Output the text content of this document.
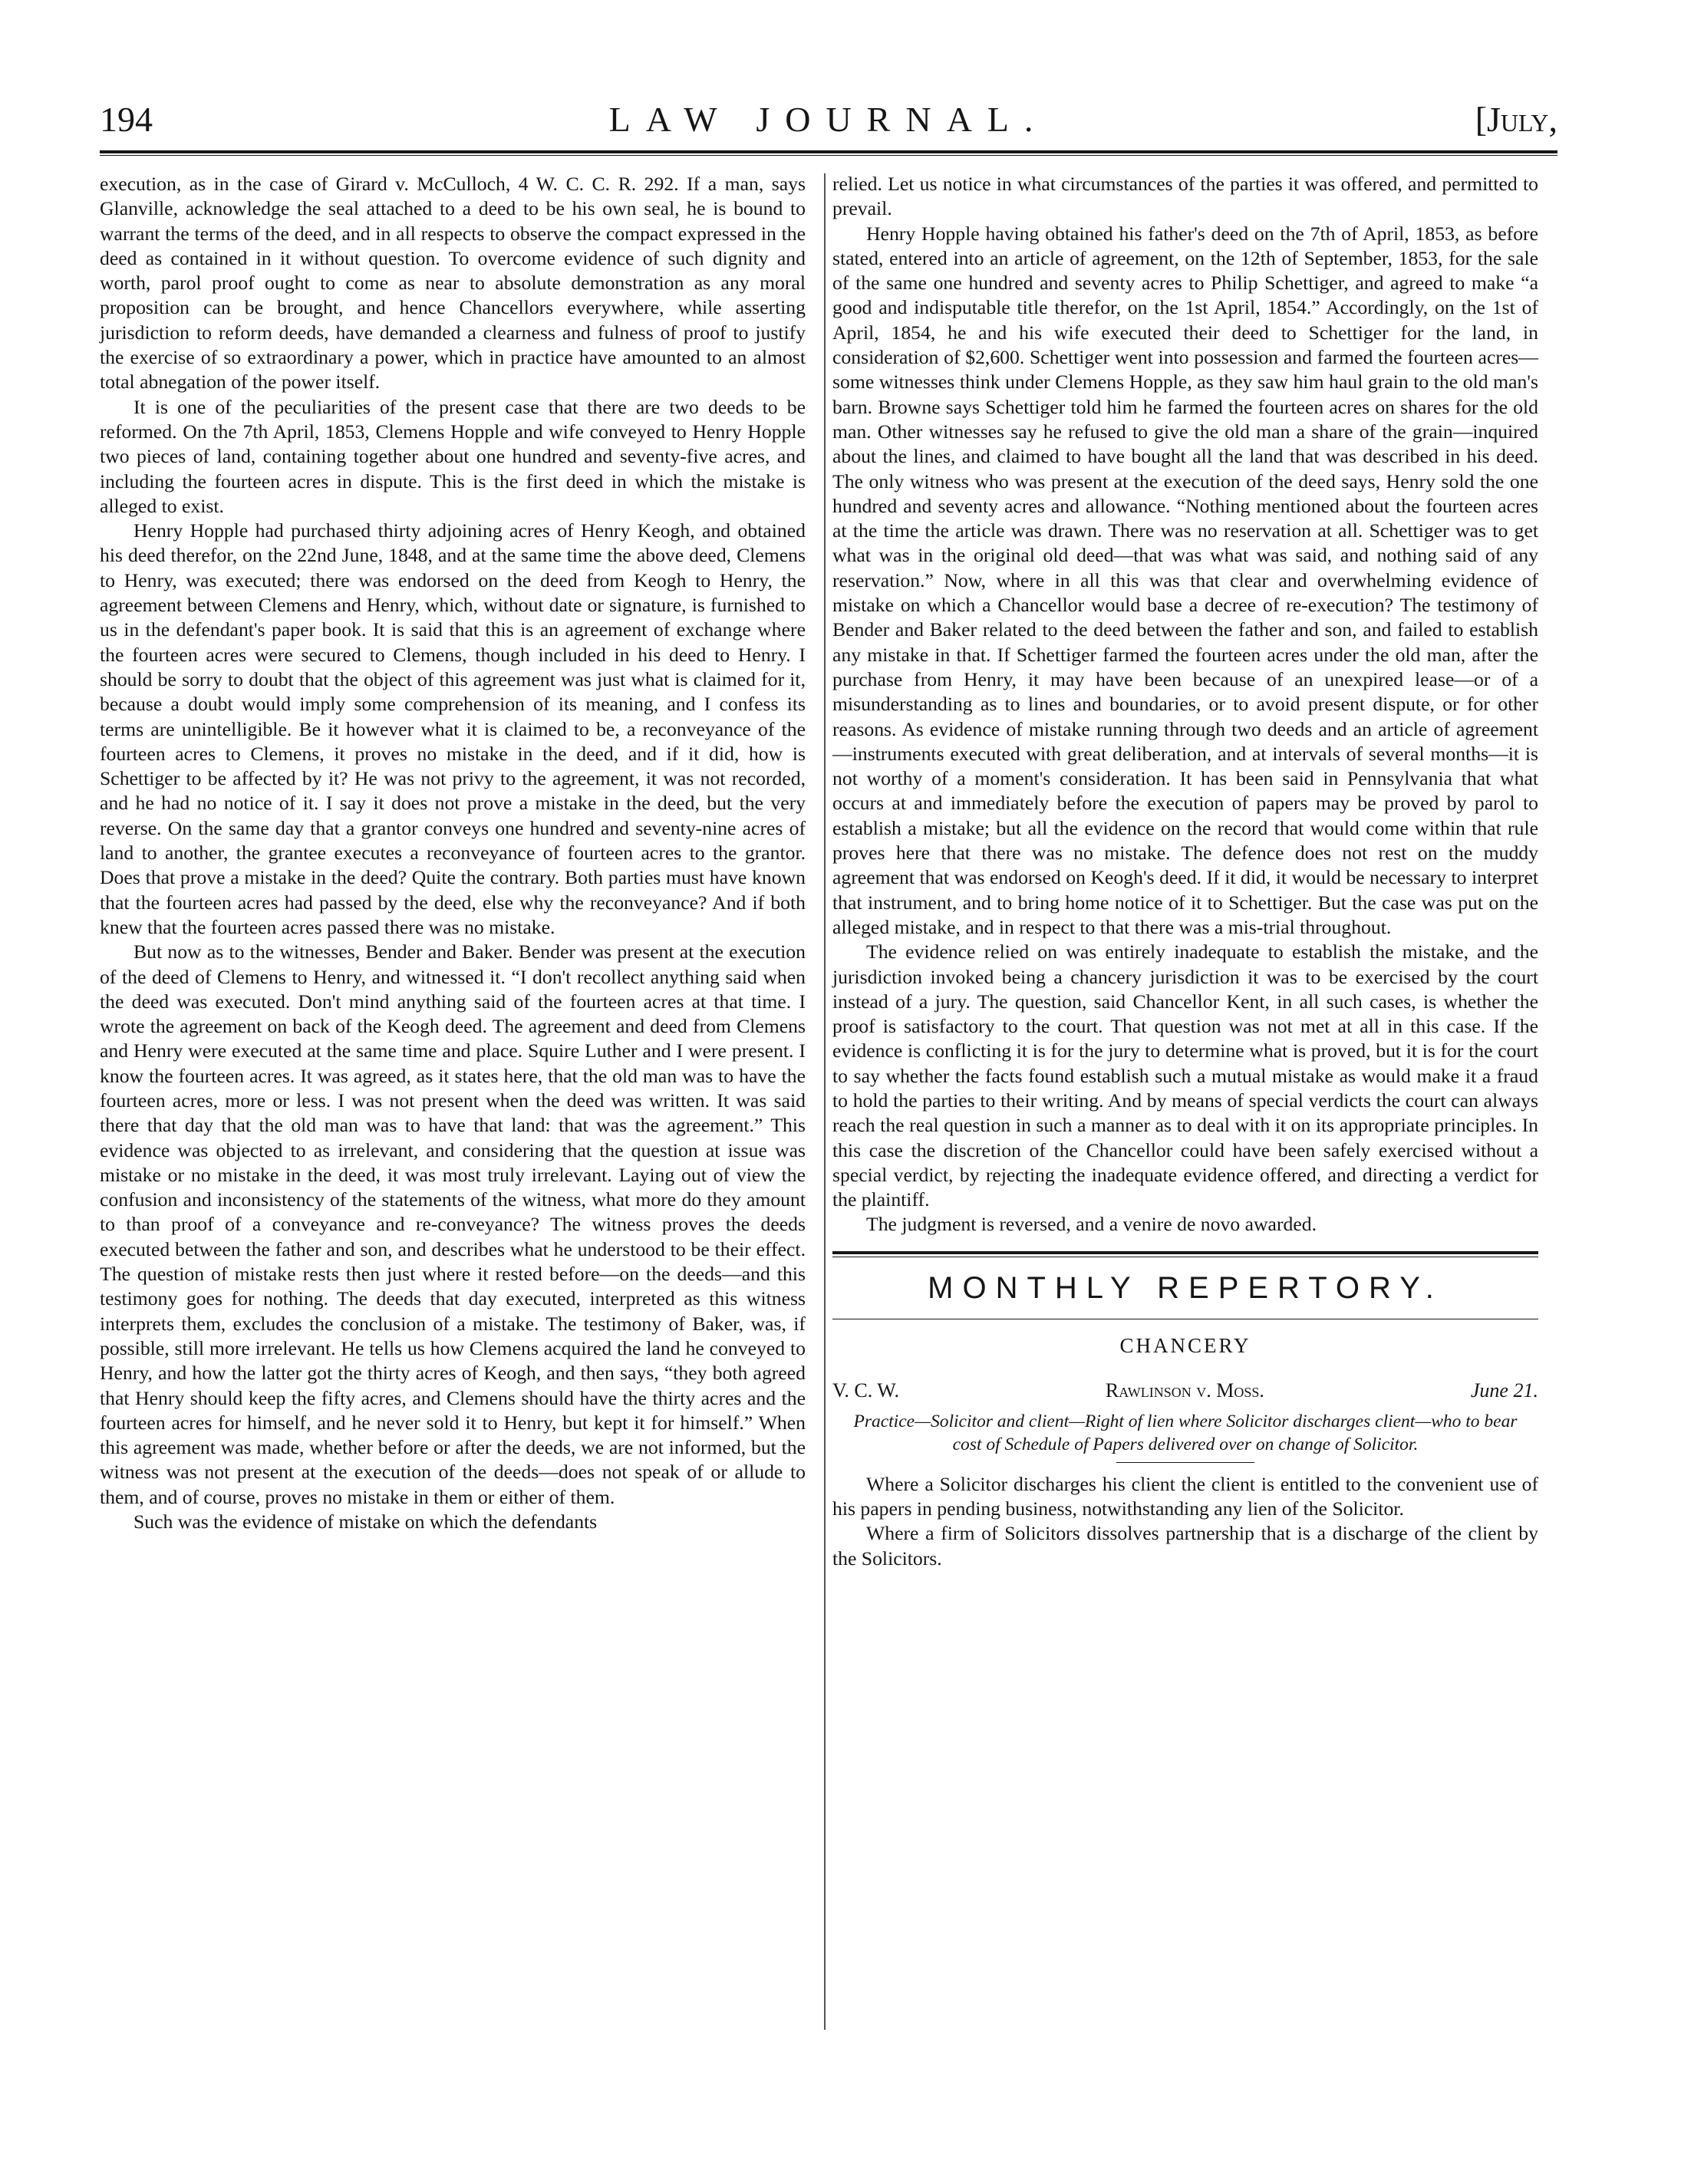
194	LAW JOURNAL.	[July,

execution, as in the case of Girard v. McCulloch, 4 W. C. C. R. 292. If a man, says Glanville, acknowledge the seal attached to a deed to be his own seal, he is bound to warrant the terms of the deed, and in all respects to observe the compact expressed in the deed as contained in it without question. To overcome evidence of such dignity and worth, parol proof ought to come as near to absolute demonstration as any moral proposition can be brought, and hence Chancellors everywhere, while asserting jurisdiction to reform deeds, have demanded a clearness and fulness of proof to justify the exercise of so extraordinary a power, which in practice have amounted to an almost total abnegation of the power itself.

It is one of the peculiarities of the present case that there are two deeds to be reformed. On the 7th April, 1853, Clemens Hopple and wife conveyed to Henry Hopple two pieces of land, containing together about one hundred and seventy-five acres, and including the fourteen acres in dispute. This is the first deed in which the mistake is alleged to exist.

Henry Hopple had purchased thirty adjoining acres of Henry Keogh, and obtained his deed therefor, on the 22nd June, 1848, and at the same time the above deed, Clemens to Henry, was executed; there was endorsed on the deed from Keogh to Henry, the agreement between Clemens and Henry, which, without date or signature, is furnished to us in the defendant's paper book. It is said that this is an agreement of exchange where the fourteen acres were secured to Clemens, though included in his deed to Henry. I should be sorry to doubt that the object of this agreement was just what is claimed for it, because a doubt would imply some comprehension of its meaning, and I confess its terms are unintelligible. Be it however what it is claimed to be, a reconveyance of the fourteen acres to Clemens, it proves no mistake in the deed, and if it did, how is Schettiger to be affected by it? He was not privy to the agreement, it was not recorded, and he had no notice of it. I say it does not prove a mistake in the deed, but the very reverse. On the same day that a grantor conveys one hundred and seventy-nine acres of land to another, the grantee executes a reconveyance of fourteen acres to the grantor. Does that prove a mistake in the deed? Quite the contrary. Both parties must have known that the fourteen acres had passed by the deed, else why the reconveyance? And if both knew that the fourteen acres passed there was no mistake.

But now as to the witnesses, Bender and Baker. Bender was present at the execution of the deed of Clemens to Henry, and witnessed it. “I don't recollect anything said when the deed was executed. Don't mind anything said of the fourteen acres at that time. I wrote the agreement on back of the Keogh deed. The agreement and deed from Clemens and Henry were executed at the same time and place. Squire Luther and I were present. I know the fourteen acres. It was agreed, as it states here, that the old man was to have the fourteen acres, more or less. I was not present when the deed was written. It was said there that day that the old man was to have that land: that was the agreement.” This evidence was objected to as irrelevant, and considering that the question at issue was mistake or no mistake in the deed, it was most truly irrelevant. Laying out of view the confusion and inconsistency of the statements of the witness, what more do they amount to than proof of a conveyance and re-conveyance? The witness proves the deeds executed between the father and son, and describes what he understood to be their effect. The question of mistake rests then just where it rested before—on the deeds—and this testimony goes for nothing. The deeds that day executed, interpreted as this witness interprets them, excludes the conclusion of a mistake. The testimony of Baker, was, if possible, still more irrelevant. He tells us how Clemens acquired the land he conveyed to Henry, and how the latter got the thirty acres of Keogh, and then says, “they both agreed that Henry should keep the fifty acres, and Clemens should have the thirty acres and the fourteen acres for himself, and he never sold it to Henry, but kept it for himself.” When this agreement was made, whether before or after the deeds, we are not informed, but the witness was not present at the execution of the deeds—does not speak of or allude to them, and of course, proves no mistake in them or either of them.

Such was the evidence of mistake on which the defendants

relied. Let us notice in what circumstances of the parties it was offered, and permitted to prevail.

Henry Hopple having obtained his father's deed on the 7th of April, 1853, as before stated, entered into an article of agreement, on the 12th of September, 1853, for the sale of the same one hundred and seventy acres to Philip Schettiger, and agreed to make “a good and indisputable title therefor, on the 1st April, 1854.” Accordingly, on the 1st of April, 1854, he and his wife executed their deed to Schettiger for the land, in consideration of $2,600. Schettiger went into possession and farmed the fourteen acres—some witnesses think under Clemens Hopple, as they saw him haul grain to the old man's barn. Browne says Schettiger told him he farmed the fourteen acres on shares for the old man. Other witnesses say he refused to give the old man a share of the grain—inquired about the lines, and claimed to have bought all the land that was described in his deed. The only witness who was present at the execution of the deed says, Henry sold the one hundred and seventy acres and allowance. “Nothing mentioned about the fourteen acres at the time the article was drawn. There was no reservation at all. Schettiger was to get what was in the original old deed—that was what was said, and nothing said of any reservation.” Now, where in all this was that clear and overwhelming evidence of mistake on which a Chancellor would base a decree of re-execution? The testimony of Bender and Baker related to the deed between the father and son, and failed to establish any mistake in that. If Schettiger farmed the fourteen acres under the old man, after the purchase from Henry, it may have been because of an unexpired lease—or of a misunderstanding as to lines and boundaries, or to avoid present dispute, or for other reasons. As evidence of mistake running through two deeds and an article of agreement—instruments executed with great deliberation, and at intervals of several months—it is not worthy of a moment's consideration. It has been said in Pennsylvania that what occurs at and immediately before the execution of papers may be proved by parol to establish a mistake; but all the evidence on the record that would come within that rule proves here that there was no mistake. The defence does not rest on the muddy agreement that was endorsed on Keogh's deed. If it did, it would be necessary to interpret that instrument, and to bring home notice of it to Schettiger. But the case was put on the alleged mistake, and in respect to that there was a mis-trial throughout.

The evidence relied on was entirely inadequate to establish the mistake, and the jurisdiction invoked being a chancery jurisdiction it was to be exercised by the court instead of a jury. The question, said Chancellor Kent, in all such cases, is whether the proof is satisfactory to the court. That question was not met at all in this case. If the evidence is conflicting it is for the jury to determine what is proved, but it is for the court to say whether the facts found establish such a mutual mistake as would make it a fraud to hold the parties to their writing. And by means of special verdicts the court can always reach the real question in such a manner as to deal with it on its appropriate principles. In this case the discretion of the Chancellor could have been safely exercised without a special verdict, by rejecting the inadequate evidence offered, and directing a verdict for the plaintiff.

The judgment is reversed, and a venire de novo awarded.

MONTHLY REPERTORY.
CHANCERY
V. C. W.	Rawlinson v. Moss.	June 21.
Practice—Solicitor and client—Right of lien where Solicitor discharges client—who to bear cost of Schedule of Papers delivered over on change of Solicitor.

Where a Solicitor discharges his client the client is entitled to the convenient use of his papers in pending business, notwithstanding any lien of the Solicitor.

Where a firm of Solicitors dissolves partnership that is a discharge of the client by the Solicitors.
